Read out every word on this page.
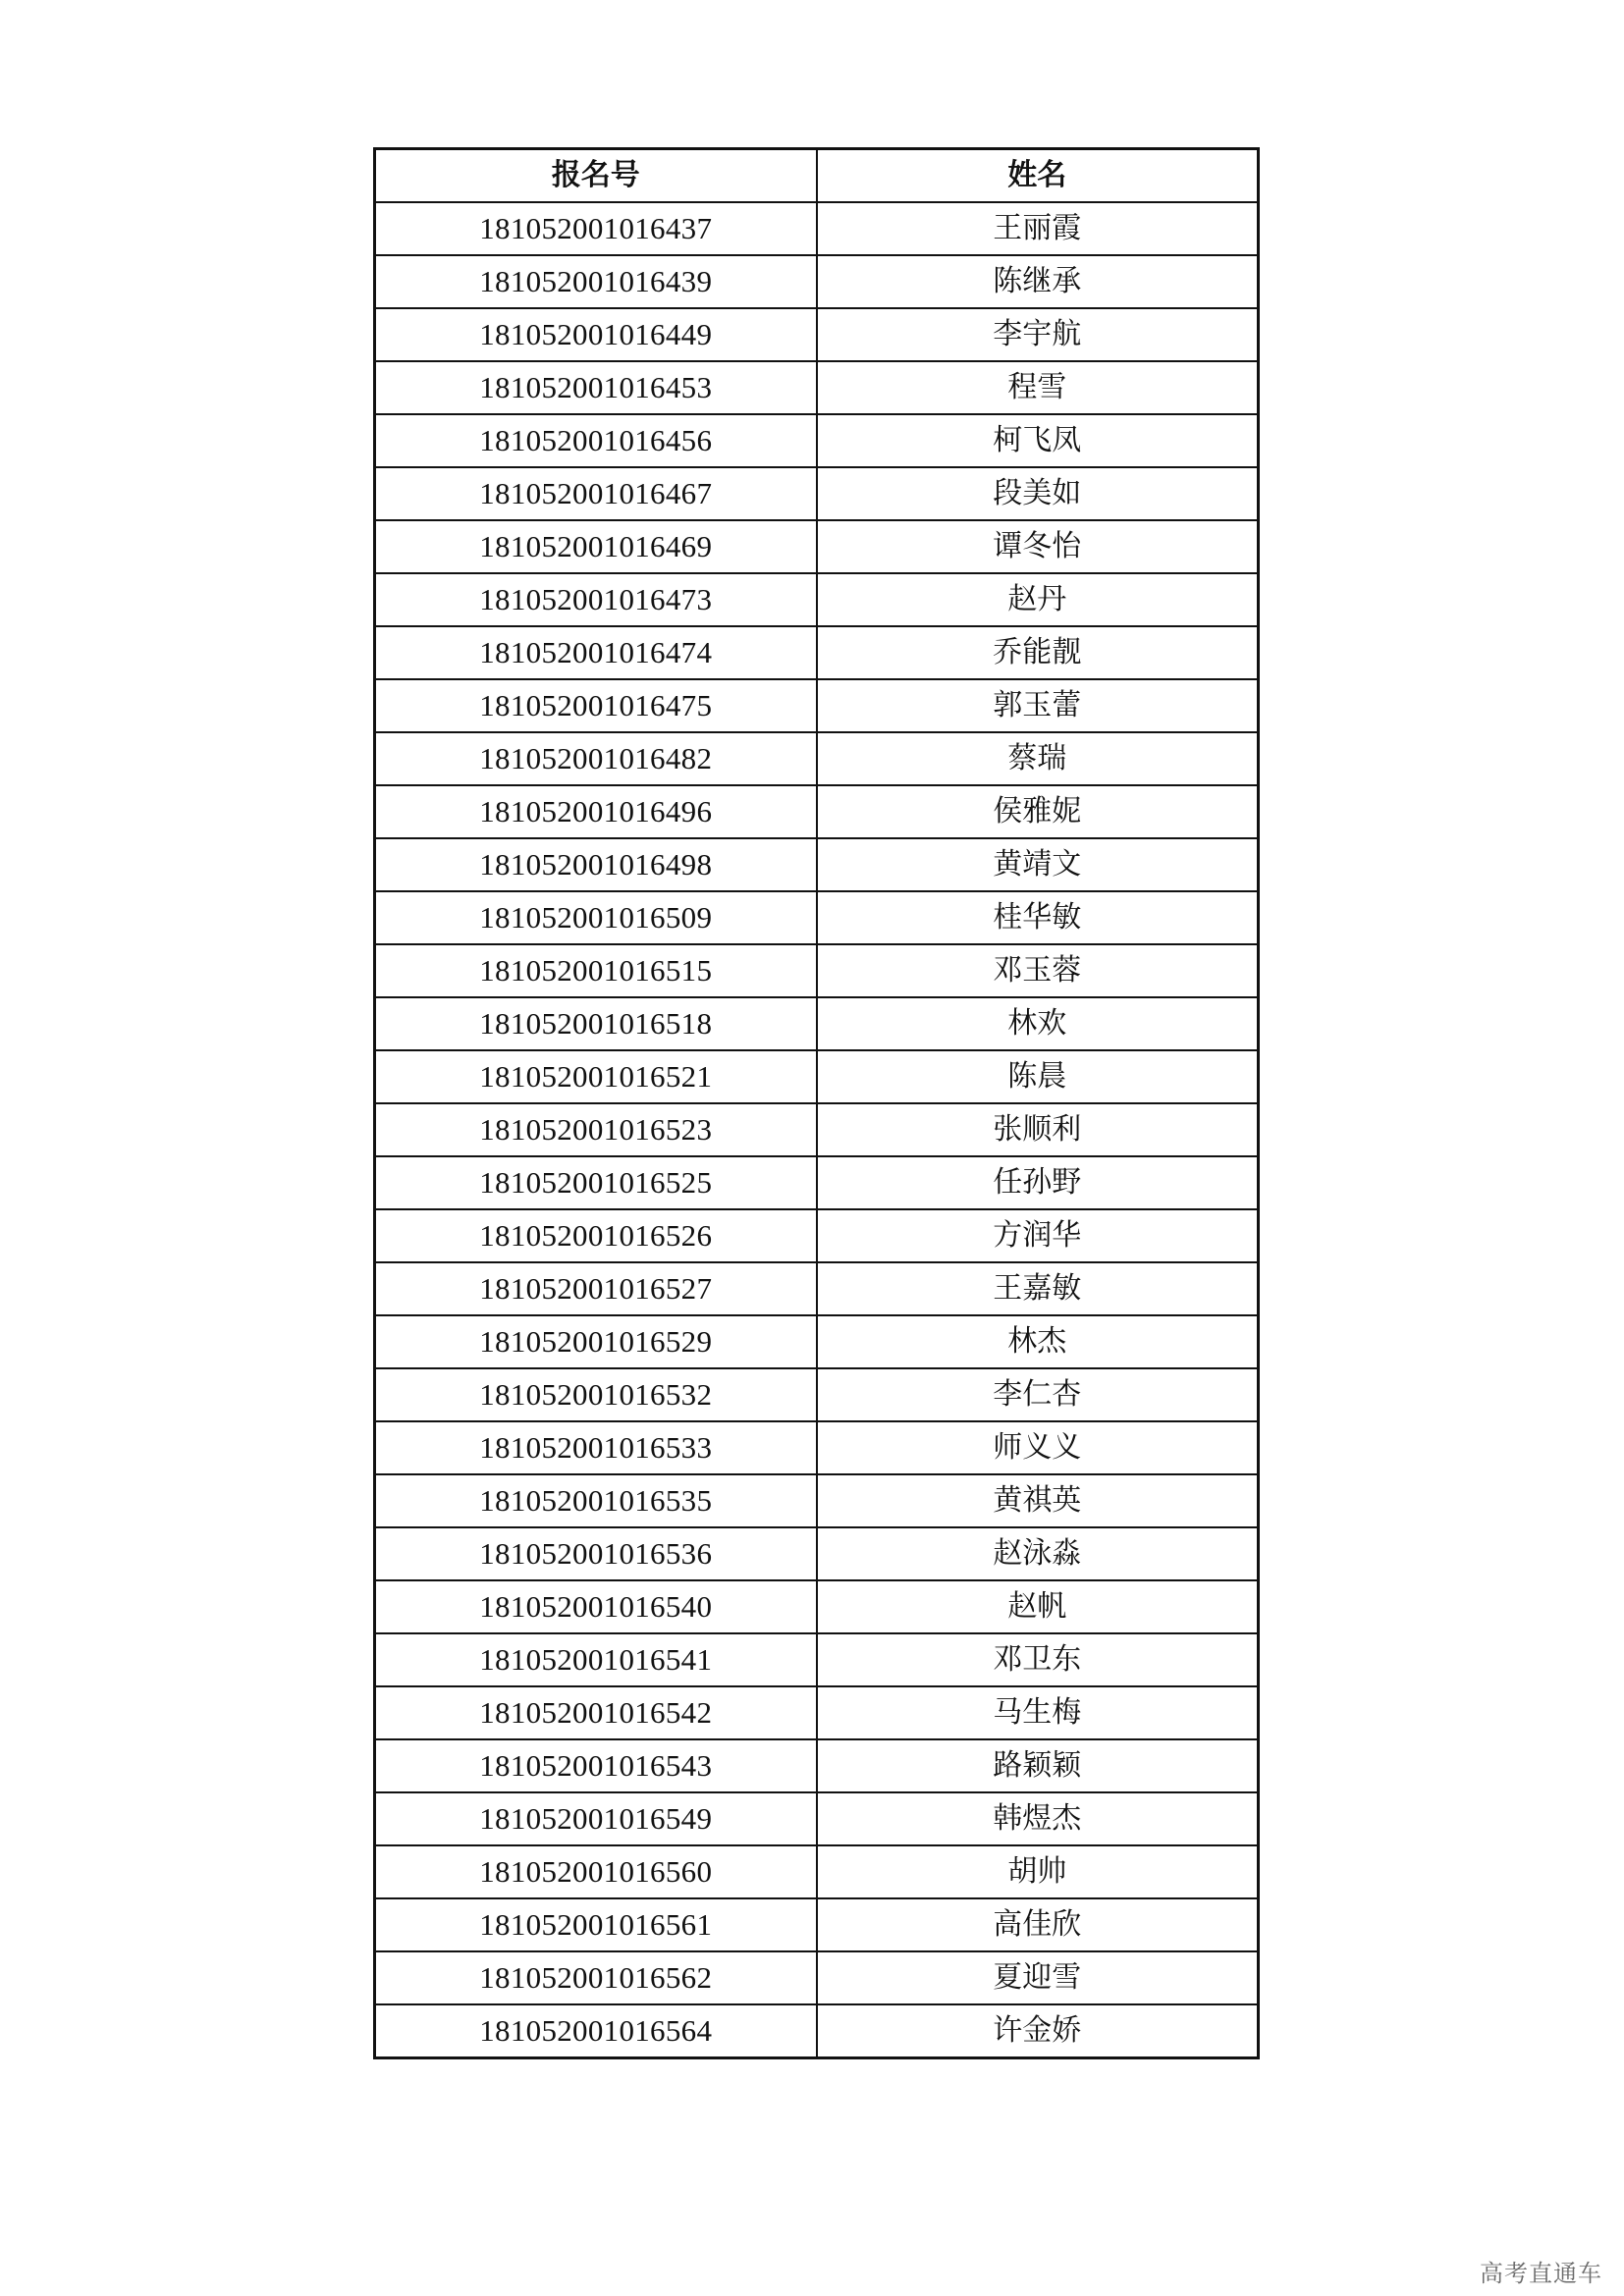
报名号	姓名
181052001016437	王丽霞
181052001016439	陈继承
181052001016449	李宇航
181052001016453	程雪
181052001016456	柯飞凤
181052001016467	段美如
181052001016469	谭冬怡
181052001016473	赵丹
181052001016474	乔能靓
181052001016475	郭玉蕾
181052001016482	蔡瑞
181052001016496	侯雅妮
181052001016498	黄靖文
181052001016509	桂华敏
181052001016515	邓玉蓉
181052001016518	林欢
181052001016521	陈晨
181052001016523	张顺利
181052001016525	任孙野
181052001016526	方润华
181052001016527	王嘉敏
181052001016529	林杰
181052001016532	李仁杏
181052001016533	师义义
181052001016535	黄祺英
181052001016536	赵泳淼
181052001016540	赵帆
181052001016541	邓卫东
181052001016542	马生梅
181052001016543	路颖颖
181052001016549	韩煜杰
181052001016560	胡帅
181052001016561	高佳欣
181052001016562	夏迎雪
181052001016564	许金娇
高考直通车
